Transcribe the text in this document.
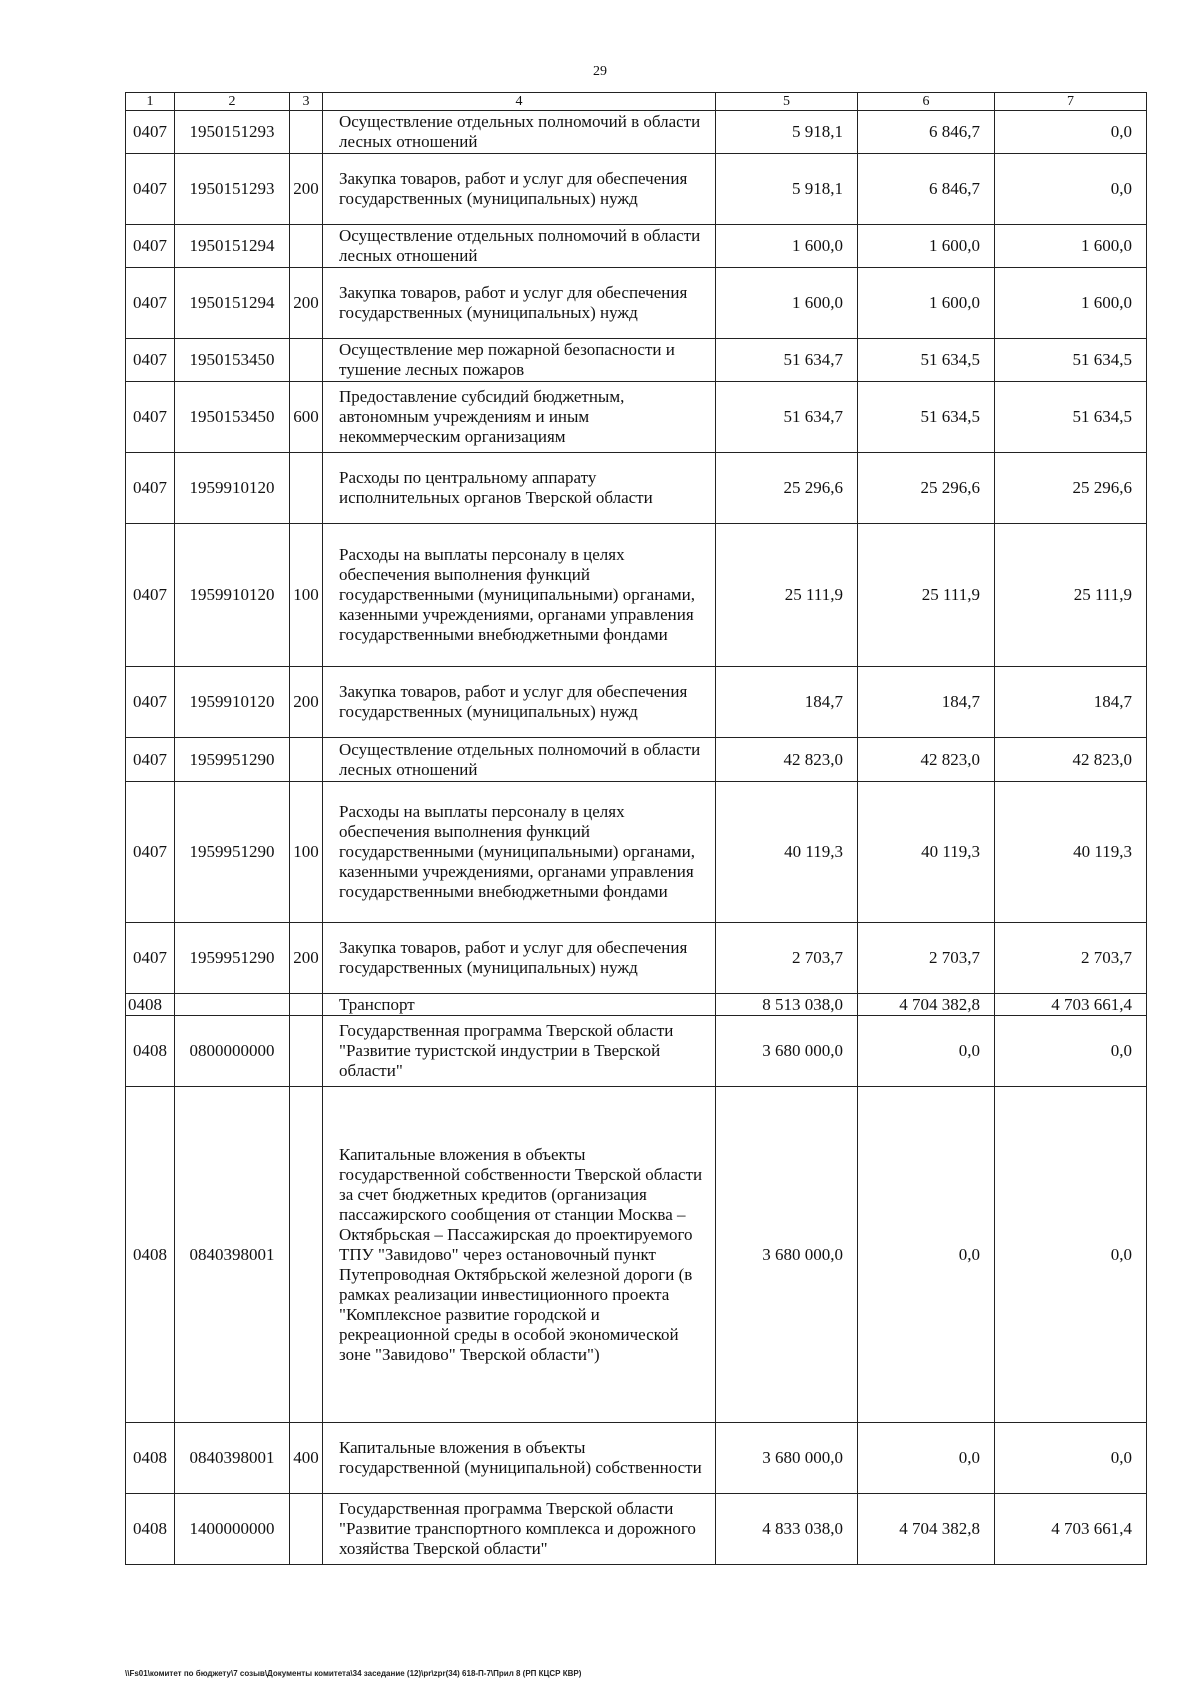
29
1	2	3	4	5	6	7
0407	1950151293		Осуществление отдельных полномочий в области лесных отношений	5 918,1	6 846,7	0,0
0407	1950151293	200	Закупка товаров, работ и услуг для обеспечения государственных (муниципальных) нужд	5 918,1	6 846,7	0,0
0407	1950151294		Осуществление отдельных полномочий в области лесных отношений	1 600,0	1 600,0	1 600,0
0407	1950151294	200	Закупка товаров, работ и услуг для обеспечения государственных (муниципальных) нужд	1 600,0	1 600,0	1 600,0
0407	1950153450		Осуществление мер пожарной безопасности и тушение лесных пожаров	51 634,7	51 634,5	51 634,5
0407	1950153450	600	Предоставление субсидий бюджетным, автономным учреждениям и иным некоммерческим организациям	51 634,7	51 634,5	51 634,5
0407	1959910120		Расходы по центральному аппарату исполнительных органов Тверской области	25 296,6	25 296,6	25 296,6
0407	1959910120	100	Расходы на выплаты персоналу в целях обеспечения выполнения функций государственными (муниципальными) органами, казенными учреждениями, органами управления государственными внебюджетными фондами	25 111,9	25 111,9	25 111,9
0407	1959910120	200	Закупка товаров, работ и услуг для обеспечения государственных (муниципальных) нужд	184,7	184,7	184,7
0407	1959951290		Осуществление отдельных полномочий в области лесных отношений	42 823,0	42 823,0	42 823,0
0407	1959951290	100	Расходы на выплаты персоналу в целях обеспечения выполнения функций государственными (муниципальными) органами, казенными учреждениями, органами управления государственными внебюджетными фондами	40 119,3	40 119,3	40 119,3
0407	1959951290	200	Закупка товаров, работ и услуг для обеспечения государственных (муниципальных) нужд	2 703,7	2 703,7	2 703,7
0408			Транспорт	8 513 038,0	4 704 382,8	4 703 661,4
0408	0800000000		Государственная программа Тверской области "Развитие туристской индустрии в Тверской области"	3 680 000,0	0,0	0,0
0408	0840398001		Капитальные вложения в объекты государственной собственности Тверской области за счет бюджетных кредитов (организация пассажирского сообщения от станции Москва – Октябрьская – Пассажирская до проектируемого ТПУ "Завидово" через остановочный пункт Путепроводная Октябрьской железной дороги (в рамках реализации инвестиционного проекта "Комплексное развитие городской и рекреационной среды в особой экономической зоне "Завидово" Тверской области")	3 680 000,0	0,0	0,0
0408	0840398001	400	Капитальные вложения в объекты государственной (муниципальной) собственности	3 680 000,0	0,0	0,0
0408	1400000000		Государственная программа Тверской области "Развитие транспортного комплекса и дорожного хозяйства Тверской области"	4 833 038,0	4 704 382,8	4 703 661,4
\\Fs01\комитет по бюджету\7 созыв\Документы комитета\34 заседание (12)\pr\zpr(34) 618-П-7\Прил 8 (РП КЦСР КВР)
